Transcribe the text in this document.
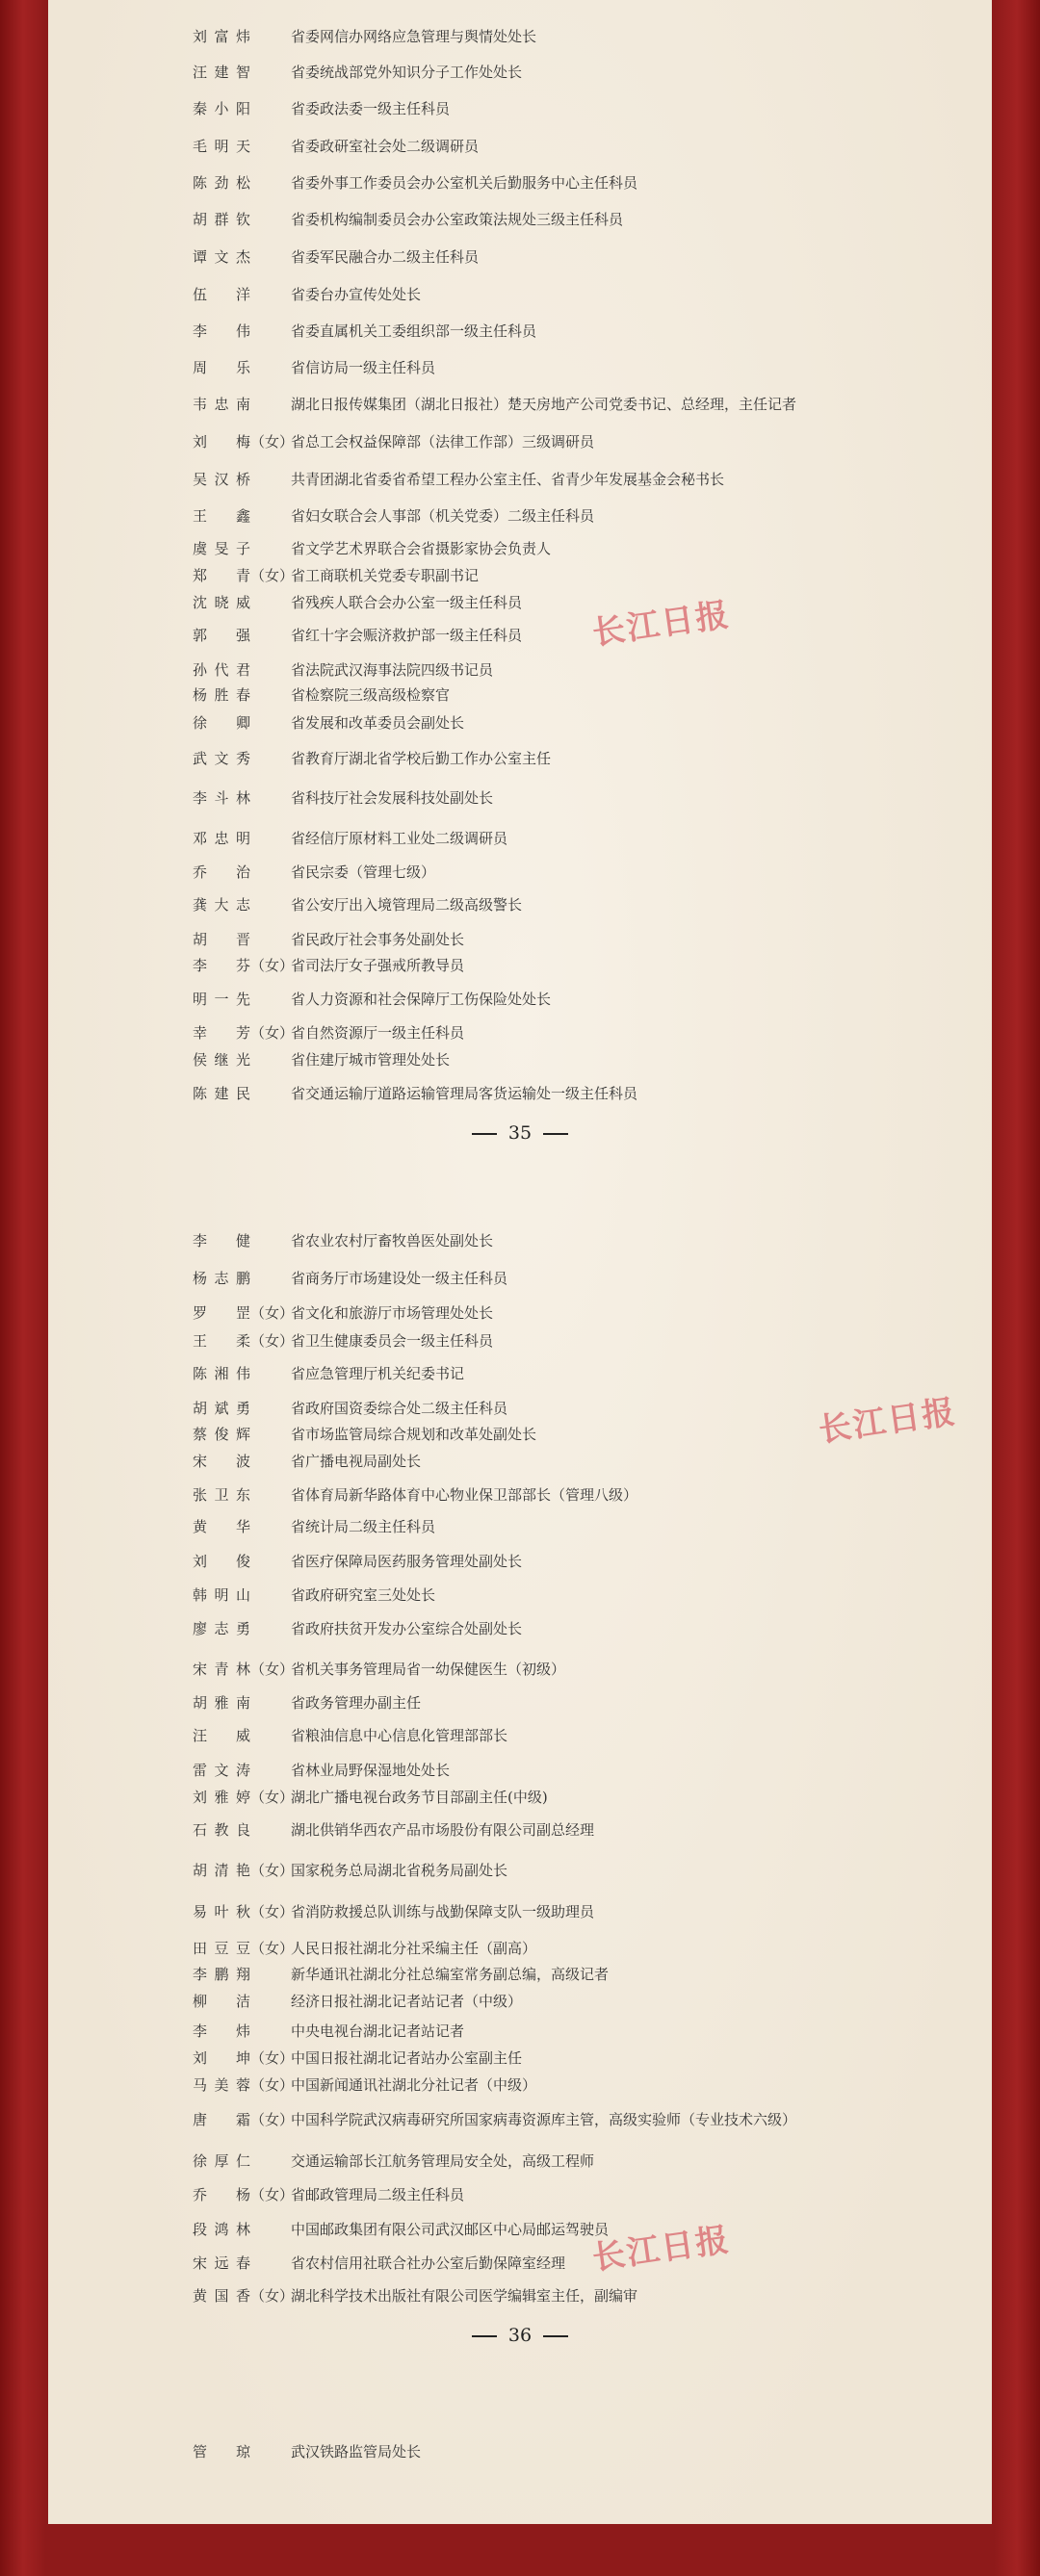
刘富炜	省委网信办网络应急管理与舆情处处长
汪建智	省委统战部党外知识分子工作处处长
秦小阳	省委政法委一级主任科员
毛明天	省委政研室社会处二级调研员
陈劲松	省委外事工作委员会办公室机关后勤服务中心主任科员
胡群钦	省委机构编制委员会办公室政策法规处三级主任科员
谭文杰	省委军民融合办二级主任科员
伍　洋	省委台办宣传处处长
李　伟	省委直属机关工委组织部一级主任科员
周　乐	省信访局一级主任科员
韦忠南	湖北日报传媒集团（湖北日报社）楚天房地产公司党委书记、总经理，主任记者
刘　梅（女）省总工会权益保障部（法律工作部）三级调研员
吴汉桥	共青团湖北省委省希望工程办公室主任、省青少年发展基金会秘书长
王　鑫	省妇女联合会人事部（机关党委）二级主任科员
虞旻子	省文学艺术界联合会省摄影家协会负责人
郑　青（女）省工商联机关党委专职副书记
沈晓威	省残疾人联合会办公室一级主任科员
郭　强	省红十字会赈济救护部一级主任科员
孙代君	省法院武汉海事法院四级书记员
杨胜春	省检察院三级高级检察官
徐　卿	省发展和改革委员会副处长
武文秀	省教育厅湖北省学校后勤工作办公室主任
李斗林	省科技厅社会发展科技处副处长
邓忠明	省经信厅原材料工业处二级调研员
乔　治	省民宗委（管理七级）
龚大志	省公安厅出入境管理局二级高级警长
胡　晋	省民政厅社会事务处副处长
李　芬（女）省司法厅女子强戒所教导员
明一先	省人力资源和社会保障厅工伤保险处处长
幸　芳（女）省自然资源厅一级主任科员
侯继光	省住建厅城市管理处处长
陈建民	省交通运输厅道路运输管理局客货运输处一级主任科员
李　健	省农业农村厅畜牧兽医处副处长
杨志鹏	省商务厅市场建设处一级主任科员
罗　罡（女）省文化和旅游厅市场管理处处长
王　柔（女）省卫生健康委员会一级主任科员
陈湘伟	省应急管理厅机关纪委书记
胡斌勇	省政府国资委综合处二级主任科员
蔡俊辉	省市场监管局综合规划和改革处副处长
宋　波	省广播电视局副处长
张卫东	省体育局新华路体育中心物业保卫部部长（管理八级）
黄　华	省统计局二级主任科员
刘　俊	省医疗保障局医药服务管理处副处长
韩明山	省政府研究室三处处长
廖志勇	省政府扶贫开发办公室综合处副处长
宋青林（女）省机关事务管理局省一幼保健医生（初级）
胡雅南	省政务管理办副主任
汪　威	省粮油信息中心信息化管理部部长
雷文涛	省林业局野保湿地处处长
刘雅婷（女）湖北广播电视台政务节目部副主任(中级)
石教良	湖北供销华西农产品市场股份有限公司副总经理
胡清艳（女）国家税务总局湖北省税务局副处长
易叶秋（女）省消防救援总队训练与战勤保障支队一级助理员
田豆豆（女）人民日报社湖北分社采编主任（副高）
李鹏翔	新华通讯社湖北分社总编室常务副总编，高级记者
柳　洁	经济日报社湖北记者站记者（中级）
李　炜	中央电视台湖北记者站记者
刘　坤（女）中国日报社湖北记者站办公室副主任
马美蓉（女）中国新闻通讯社湖北分社记者（中级）
唐　霜（女）中国科学院武汉病毒研究所国家病毒资源库主管，高级实验师（专业技术六级）
徐厚仁	交通运输部长江航务管理局安全处，高级工程师
乔　杨（女）省邮政管理局二级主任科员
段鸿林	中国邮政集团有限公司武汉邮区中心局邮运驾驶员
宋远春	省农村信用社联合社办公室后勤保障室经理
黄国香（女）湖北科学技术出版社有限公司医学编辑室主任，副编审
管　琼	武汉铁路监管局处长
35
36
长江日报
长江日报
长江日报
